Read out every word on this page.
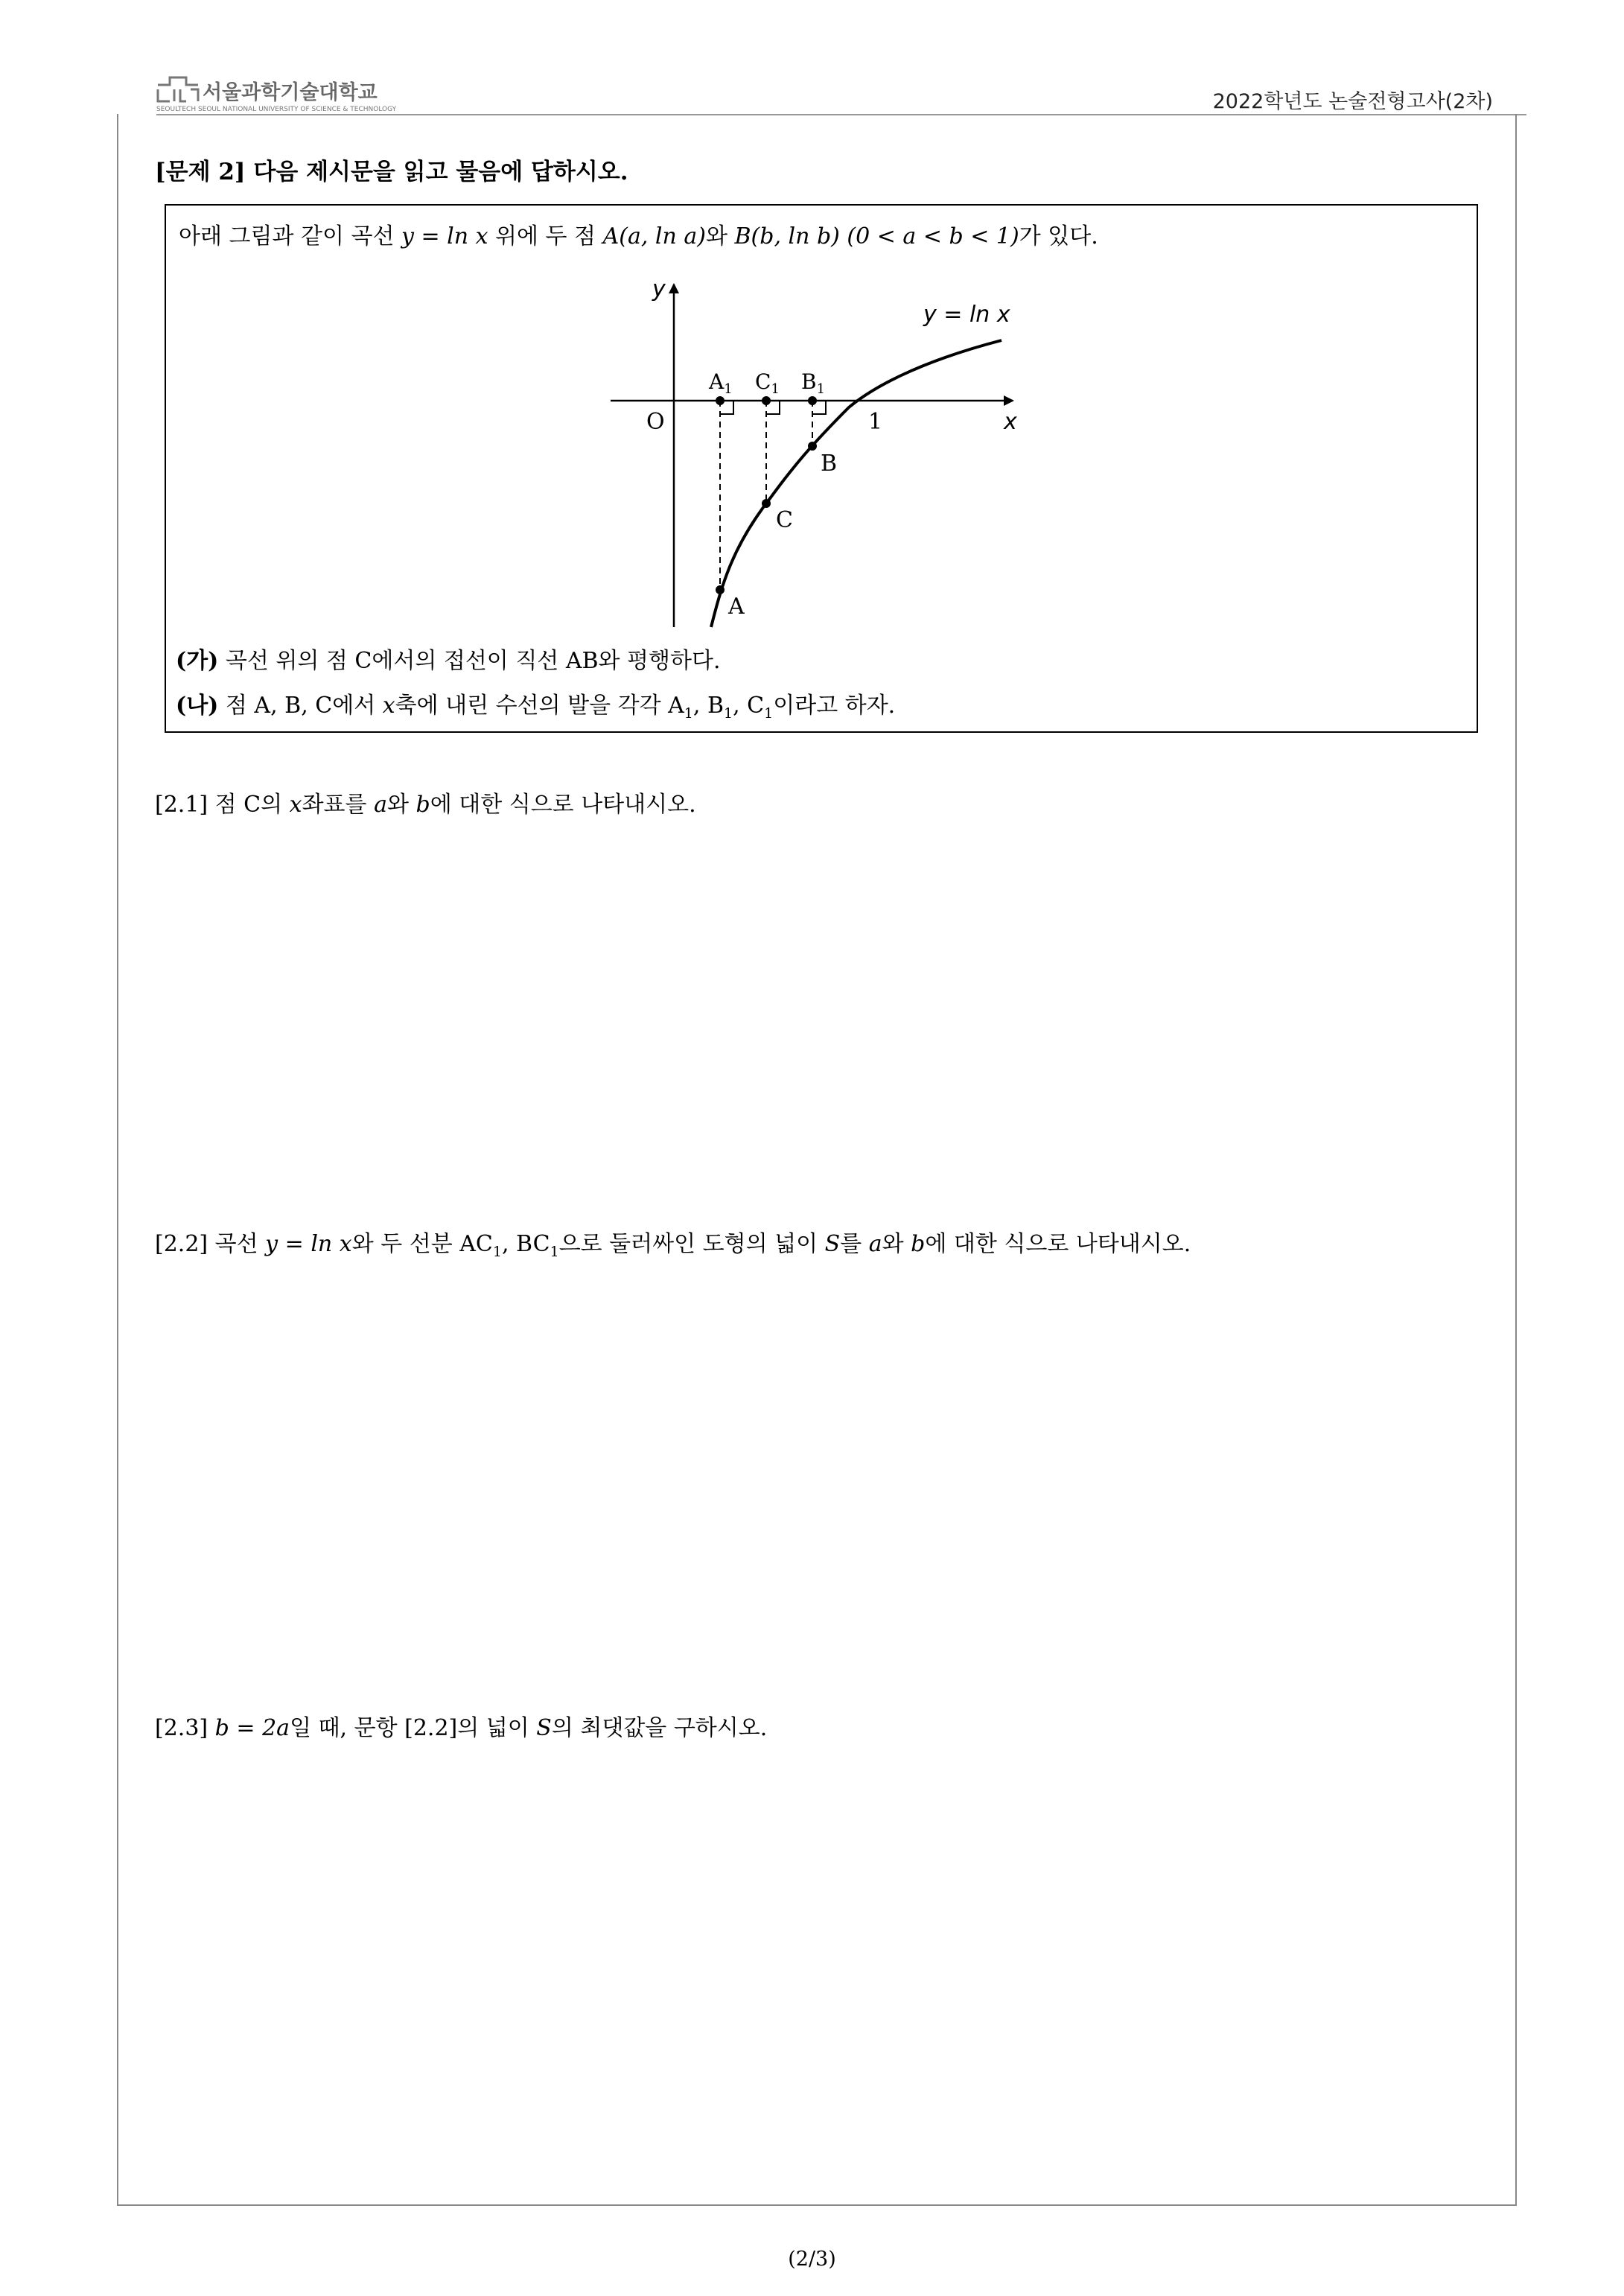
서울과학기술대학교
SEOULTECH SEOUL NATIONAL UNIVERSITY OF SCIENCE & TECHNOLOGY	2022학년도 논술전형고사(2차)
[문제 2] 다음 제시문을 읽고 물음에 답하시오.
아래 그림과 같이 곡선 y = ln x 위에 두 점 A(a, ln a)와 B(b, ln b) (0 < a < b < 1)가 있다.
y = ln x
x
y
O	1
A
C
B
$A_1$ $C_1$ $B_1$
(가) 곡선 위의 점 C에서의 접선이 직선 AB와 평행하다.
(나) 점 A, B, C에서 x축에 내린 수선의 발을 각각 $A_1$, $B_1$, $C_1$이라고 하자.
[2.1] 점 C의 x좌표를 a와 b에 대한 식으로 나타내시오.
[2.2] 곡선 y = ln x와 두 선분 $AC_1$, $BC_1$으로 둘러싸인 도형의 넓이 S를 a와 b에 대한 식으로 나타내시오.
[2.3] b = 2a일 때, 문항 [2.2]의 넓이 S의 최댓값을 구하시오.
(2/3)
